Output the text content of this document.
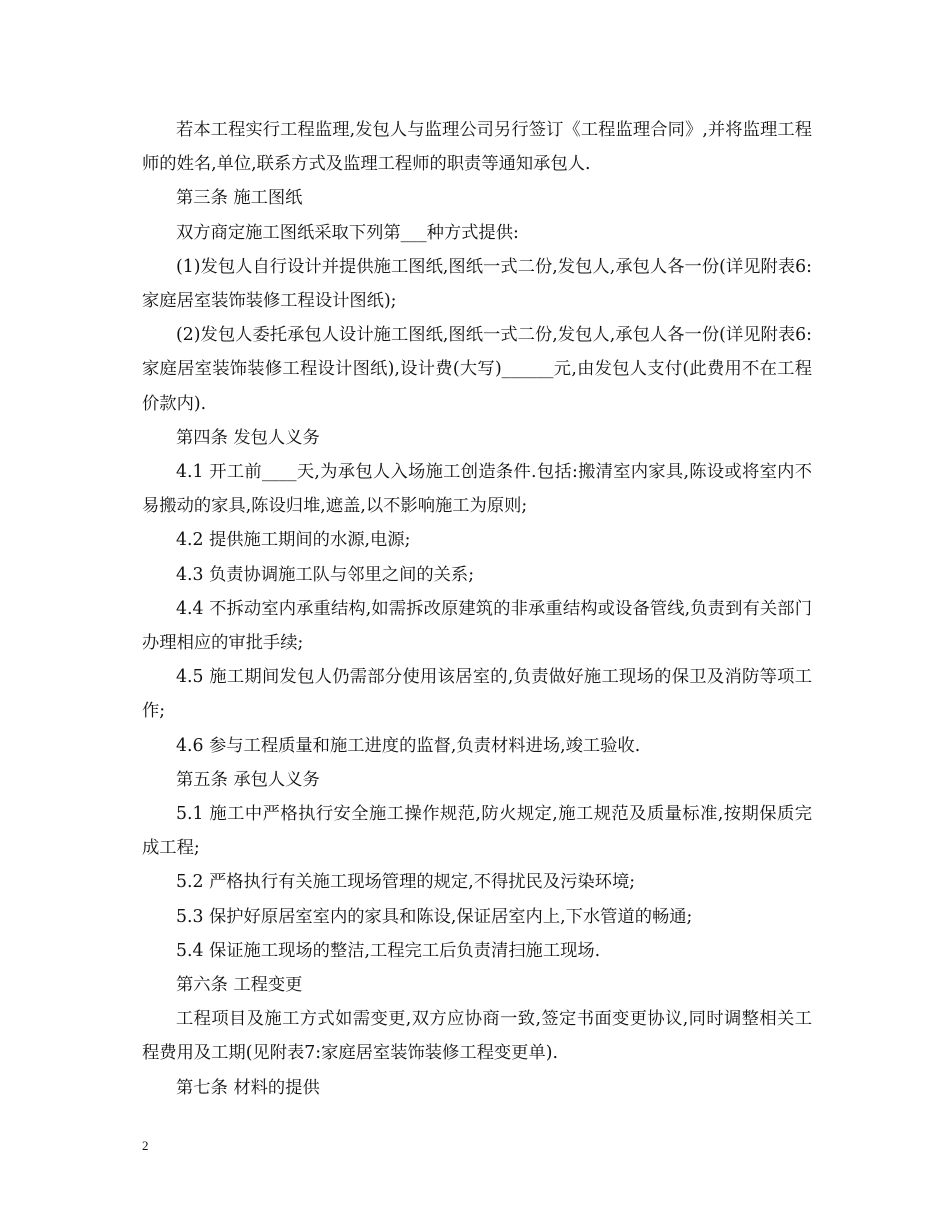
若本工程实行工程监理,发包人与监理公司另行签订《工程监理合同》,并将监理工程师的姓名,单位,联系方式及监理工程师的职责等通知承包人.

第三条 施工图纸

双方商定施工图纸采取下列第___种方式提供:

(1)发包人自行设计并提供施工图纸,图纸一式二份,发包人,承包人各一份(详见附表6:家庭居室装饰装修工程设计图纸);

(2)发包人委托承包人设计施工图纸,图纸一式二份,发包人,承包人各一份(详见附表6:家庭居室装饰装修工程设计图纸),设计费(大写)______元,由发包人支付(此费用不在工程价款内).

第四条 发包人义务

4.1 开工前____天,为承包人入场施工创造条件.包括:搬清室内家具,陈设或将室内不易搬动的家具,陈设归堆,遮盖,以不影响施工为原则;

4.2 提供施工期间的水源,电源;

4.3 负责协调施工队与邻里之间的关系;

4.4 不拆动室内承重结构,如需拆改原建筑的非承重结构或设备管线,负责到有关部门办理相应的审批手续;

4.5 施工期间发包人仍需部分使用该居室的,负责做好施工现场的保卫及消防等项工作;

4.6 参与工程质量和施工进度的监督,负责材料进场,竣工验收.

第五条 承包人义务

5.1 施工中严格执行安全施工操作规范,防火规定,施工规范及质量标准,按期保质完成工程;

5.2 严格执行有关施工现场管理的规定,不得扰民及污染环境;

5.3 保护好原居室室内的家具和陈设,保证居室内上,下水管道的畅通;

5.4 保证施工现场的整洁,工程完工后负责清扫施工现场.

第六条 工程变更

工程项目及施工方式如需变更,双方应协商一致,签定书面变更协议,同时调整相关工程费用及工期(见附表7:家庭居室装饰装修工程变更单).

第七条 材料的提供

2
